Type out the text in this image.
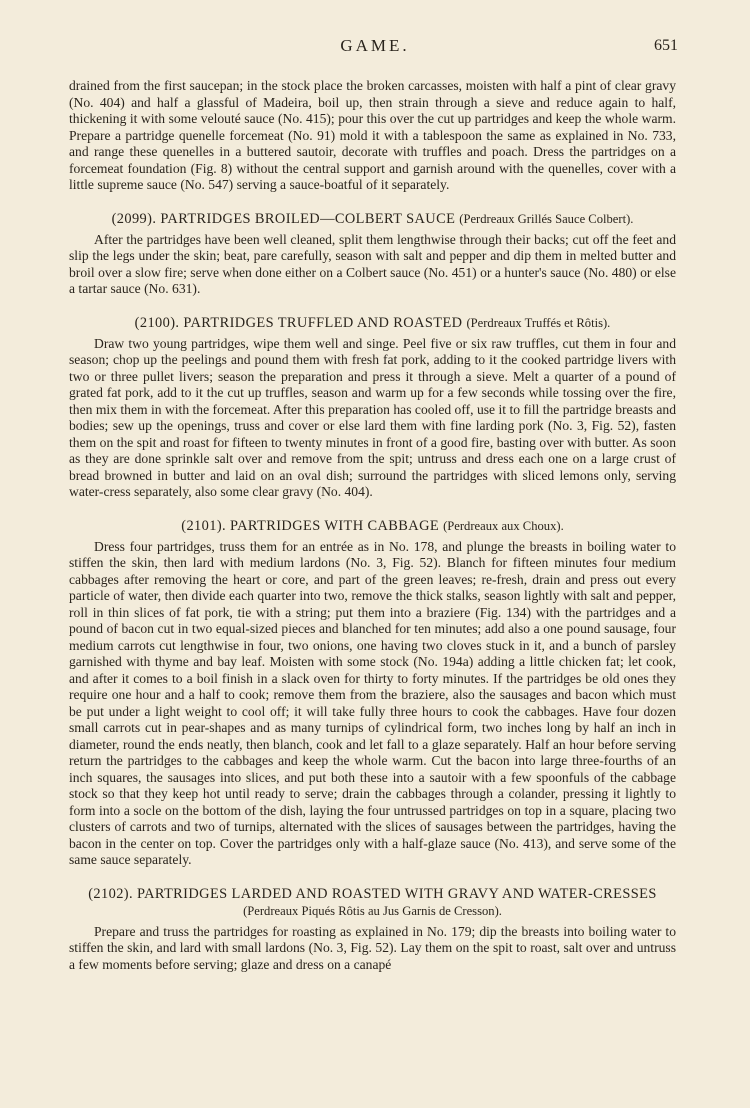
GAME.	651

drained from the first saucepan; in the stock place the broken carcasses, moisten with half a pint of clear gravy (No. 404) and half a glassful of Madeira, boil up, then strain through a sieve and reduce again to half, thickening it with some velouté sauce (No. 415); pour this over the cut up partridges and keep the whole warm. Prepare a partridge quenelle forcemeat (No. 91) mold it with a tablespoon the same as explained in No. 733, and range these quenelles in a buttered sautoir, decorate with truffles and poach. Dress the partridges on a forcemeat foundation (Fig. 8) without the central support and garnish around with the quenelles, cover with a little supreme sauce (No. 547) serving a sauce-boatful of it separately.

(2099). PARTRIDGES BROILED—COLBERT SAUCE (Perdreaux Grillés Sauce Colbert).

After the partridges have been well cleaned, split them lengthwise through their backs; cut off the feet and slip the legs under the skin; beat, pare carefully, season with salt and pepper and dip them in melted butter and broil over a slow fire; serve when done either on a Colbert sauce (No. 451) or a hunter's sauce (No. 480) or else a tartar sauce (No. 631).

(2100). PARTRIDGES TRUFFLED AND ROASTED (Perdreaux Truffés et Rôtis).

Draw two young partridges, wipe them well and singe. Peel five or six raw truffles, cut them in four and season; chop up the peelings and pound them with fresh fat pork, adding to it the cooked partridge livers with two or three pullet livers; season the preparation and press it through a sieve. Melt a quarter of a pound of grated fat pork, add to it the cut up truffles, season and warm up for a few seconds while tossing over the fire, then mix them in with the forcemeat. After this preparation has cooled off, use it to fill the partridge breasts and bodies; sew up the openings, truss and cover or else lard them with fine larding pork (No. 3, Fig. 52), fasten them on the spit and roast for fifteen to twenty minutes in front of a good fire, basting over with butter. As soon as they are done sprinkle salt over and remove from the spit; untruss and dress each one on a large crust of bread browned in butter and laid on an oval dish; surround the partridges with sliced lemons only, serving water-cress separately, also some clear gravy (No. 404).

(2101). PARTRIDGES WITH CABBAGE (Perdreaux aux Choux).

Dress four partridges, truss them for an entrée as in No. 178, and plunge the breasts in boiling water to stiffen the skin, then lard with medium lardons (No. 3, Fig. 52). Blanch for fifteen minutes four medium cabbages after removing the heart or core, and part of the green leaves; re-fresh, drain and press out every particle of water, then divide each quarter into two, remove the thick stalks, season lightly with salt and pepper, roll in thin slices of fat pork, tie with a string; put them into a braziere (Fig. 134) with the partridges and a pound of bacon cut in two equal-sized pieces and blanched for ten minutes; add also a one pound sausage, four medium carrots cut lengthwise in four, two onions, one having two cloves stuck in it, and a bunch of parsley garnished with thyme and bay leaf. Moisten with some stock (No. 194a) adding a little chicken fat; let cook, and after it comes to a boil finish in a slack oven for thirty to forty minutes. If the partridges be old ones they require one hour and a half to cook; remove them from the braziere, also the sausages and bacon which must be put under a light weight to cool off; it will take fully three hours to cook the cabbages. Have four dozen small carrots cut in pear-shapes and as many turnips of cylindrical form, two inches long by half an inch in diameter, round the ends neatly, then blanch, cook and let fall to a glaze separately. Half an hour before serving return the partridges to the cabbages and keep the whole warm. Cut the bacon into large three-fourths of an inch squares, the sausages into slices, and put both these into a sautoir with a few spoonfuls of the cabbage stock so that they keep hot until ready to serve; drain the cabbages through a colander, pressing it lightly to form into a socle on the bottom of the dish, laying the four untrussed partridges on top in a square, placing two clusters of carrots and two of turnips, alternated with the slices of sausages between the partridges, having the bacon in the center on top. Cover the partridges only with a half-glaze sauce (No. 413), and serve some of the same sauce separately.

(2102). PARTRIDGES LARDED AND ROASTED WITH GRAVY AND WATER-CRESSES
(Perdreaux Piqués Rôtis au Jus Garnis de Cresson).

Prepare and truss the partridges for roasting as explained in No. 179; dip the breasts into boiling water to stiffen the skin, and lard with small lardons (No. 3, Fig. 52). Lay them on the spit to roast, salt over and untruss a few moments before serving; glaze and dress on a canapé
